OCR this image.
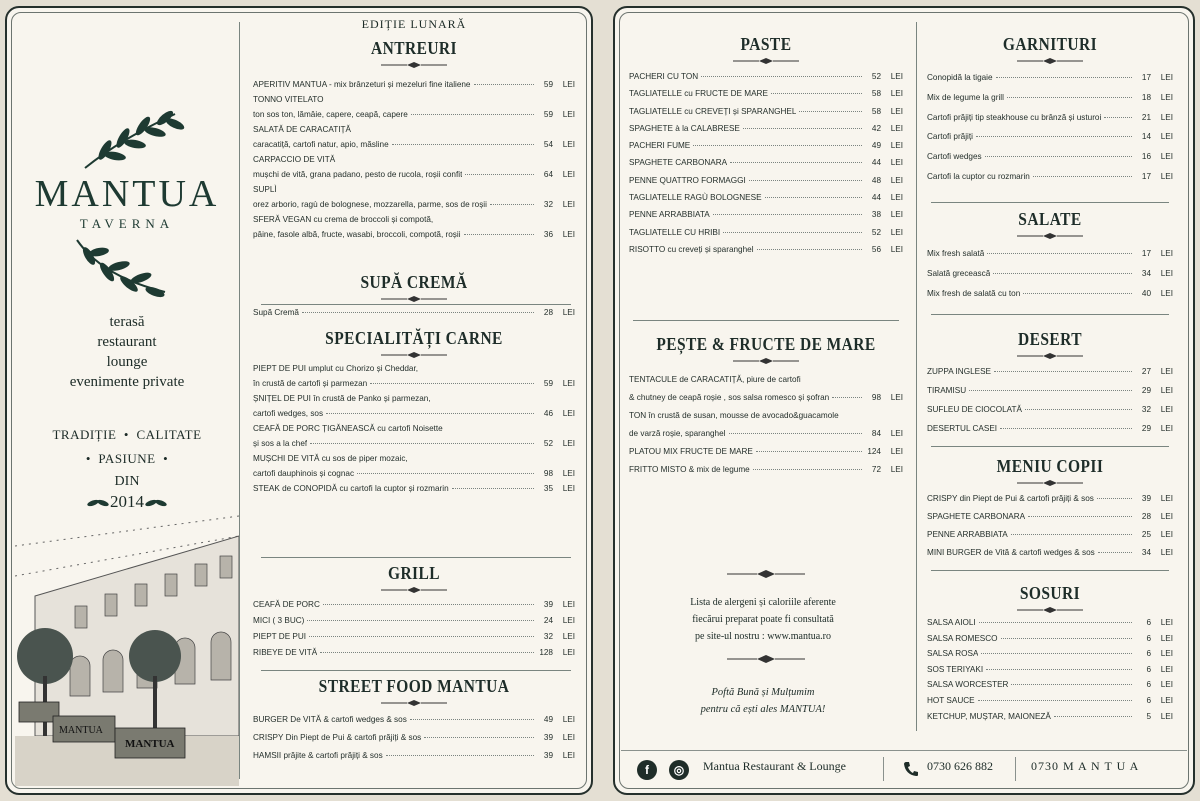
MANTUA
TAVERNA
terasă
restaurant
lounge
evenimente private
TRADIȚIE  •  CALITATE
•  PASIUNE  •
DIN
2014
MANTUA
MANTUA
EDIȚIE LUNARĂ
ANTREURI
APERITIV MANTUA - mix brânzeturi și mezeluri fine italiene	59	LEI
TONNO VITELATO
ton sos ton, lămâie, capere, ceapă, capere	59	LEI
SALATĂ DE CARACATIȚĂ
caracatiță, cartofi natur, apio, măsline	54	LEI
CARPACCIO DE VITĂ
mușchi de vită, grana padano, pesto de rucola, roșii confit	64	LEI
SUPLÌ
orez arborio, ragù de bolognese, mozzarella, parme, sos de roșii	32	LEI
SFERĂ VEGAN cu crema de broccoli și compotă,
pâine, fasole albă, fructe, wasabi, broccoli, compotă, roșii	36	LEI
SUPĂ CREMĂ
Supă Cremă	28	LEI
SPECIALITĂȚI CARNE
PIEPT DE PUI umplut cu Chorizo și Cheddar,
în crustă de cartofi și parmezan	59	LEI
ȘNIȚEL DE PUI în crustă de Panko și parmezan,
cartofi wedges, sos	46	LEI
CEAFĂ DE PORC ȚIGĂNEASCĂ cu cartofi Noisette
și sos a la chef	52	LEI
MUȘCHI DE VITĂ cu sos de piper mozaic,
cartofi dauphinois și cognac	98	LEI
STEAK de CONOPIDĂ cu cartofi la cuptor și rozmarin	35	LEI
GRILL
CEAFĂ DE PORC	39	LEI
MICI ( 3 BUC)	24	LEI
PIEPT DE PUI	32	LEI
RIBEYE DE VITĂ	128	LEI
STREET FOOD MANTUA
BURGER De VITĂ & cartofi wedges & sos	49	LEI
CRISPY Din Piept de Pui & cartofi prăjiți & sos	39	LEI
HAMSII prăjite & cartofi prăjiți & sos	39	LEI
PASTE
PACHERI CU TON	52	LEI
TAGLIATELLE cu FRUCTE DE MARE	58	LEI
TAGLIATELLE cu CREVEȚI și SPARANGHEL	58	LEI
SPAGHETE à la CALABRESE	42	LEI
PACHERI FUME	49	LEI
SPAGHETE CARBONARA	44	LEI
PENNE QUATTRO FORMAGGI	48	LEI
TAGLIATELLE RAGÙ BOLOGNESE	44	LEI
PENNE ARRABBIATA	38	LEI
TAGLIATELLE CU HRIBI	52	LEI
RISOTTO cu creveți și sparanghel	56	LEI
PEȘTE & FRUCTE DE MARE
TENTACULE de CARACATIȚĂ, piure de cartofi
& chutney de ceapă roșie , sos salsa romesco și șofran	98	LEI
TON în crustă de susan, mousse de avocado&guacamole
de varză roșie, sparanghel	84	LEI
PLATOU MIX FRUCTE DE MARE	124	LEI
FRITTO MISTO & mix de legume	72	LEI
Lista de alergeni și caloriile aferente
fiecărui preparat poate fi consultată
pe site-ul nostru : www.mantua.ro
Poftă Bună și Mulțumim
pentru că ești ales MANTUA!
GARNITURI
Conopidă la tigaie	17	LEI
Mix de legume la grill	18	LEI
Cartofi prăjiți tip steakhouse cu brânză și usturoi	21	LEI
Cartofi prăjiți	14	LEI
Cartofi wedges	16	LEI
Cartofi la cuptor cu rozmarin	17	LEI
SALATE
Mix fresh salată	17	LEI
Salată grecească	34	LEI
Mix fresh de salată cu ton	40	LEI
DESERT
ZUPPA INGLESE	27	LEI
TIRAMISU	29	LEI
SUFLEU DE CIOCOLATĂ	32	LEI
DESERTUL CASEI	29	LEI
MENIU COPII
CRISPY din Piept de Pui & cartofi prăjiți & sos	39	LEI
SPAGHETE CARBONARA	28	LEI
PENNE ARRABBIATA	25	LEI
MINI BURGER de Vită & cartofi wedges & sos	34	LEI
SOSURI
SALSA AIOLI	6	LEI
SALSA ROMESCO	6	LEI
SALSA ROSA	6	LEI
SOS TERIYAKI	6	LEI
SALSA WORCESTER	6	LEI
HOT SAUCE	6	LEI
KETCHUP, MUȘTAR, MAIONEZĂ	5	LEI
f	◎	Mantua Restaurant & Lounge	0730 626 882	0730 M A N T U A
